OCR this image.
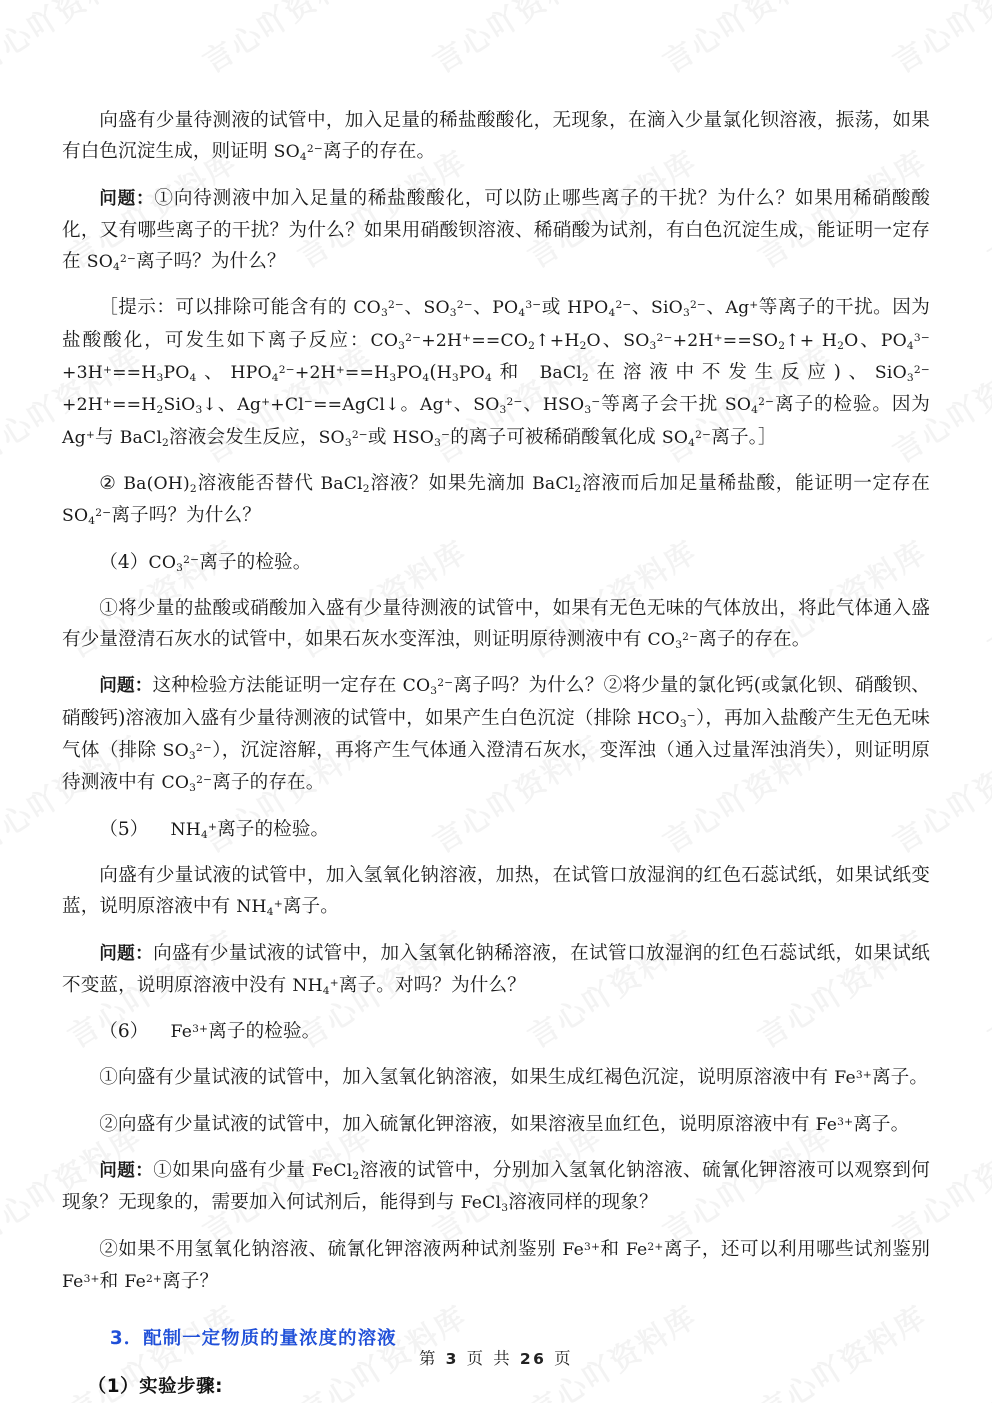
向盛有少量待测液的试管中，加入足量的稀盐酸酸化，无现象，在滴入少量氯化钡溶液，振荡，如果有白色沉淀生成，则证明 $SO_4^{2-}$离子的存在。

问题：①向待测液中加入足量的稀盐酸酸化，可以防止哪些离子的干扰？为什么？如果用稀硝酸酸化，又有哪些离子的干扰？为什么？如果用硝酸钡溶液、稀硝酸为试剂，有白色沉淀生成，能证明一定存在 $SO_4^{2-}$离子吗？为什么？

［提示：可以排除可能含有的 $CO_3^{2-}$、$SO_3^{2-}$、$PO_4^{3-}$或 $HPO_4^{2-}$、SiO$_3^{2-}$、Ag+等离子的干扰。因为盐酸酸化，可发生如下离子反应：$CO_3^{2-}+2H^+==CO_2↑+H_2O$、$SO_3^{2-}+2H^+==SO_2↑+ H_2O$、$PO_4^{3-}+3H^+==H_3PO_4$、$HPO_4^{2-}+2H^+==H_3PO_4(H_3PO_4$和 BaCl$_2$在溶液中不发生反应)、$SiO_3^{2-}+2H^+==H_2SiO_3↓$、Ag++Cl−==AgCl↓。Ag+、$SO_3^{2-}$、$HSO_3^-$等离子会干扰 $SO_4^{2-}$离子的检验。因为 Ag+与 BaCl$_2$溶液会发生反应，$SO_3^{2-}$或 $HSO_3^-$的离子可被稀硝酸氧化成 $SO_4^{2-}$离子。］

② $Ba(OH)_2$溶液能否替代 BaCl$_2$溶液？如果先滴加 BaCl$_2$溶液而后加足量稀盐酸，能证明一定存在 $SO_4^{2-}$离子吗？为什么？

$(4)CO_3^{2-}$离子的检验。

①将少量的盐酸或硝酸加入盛有少量待测液的试管中，如果有无色无味的气体放出，将此气体通入盛有少量澄清石灰水的试管中，如果石灰水变浑浊，则证明原待测液中有 $CO_3^{2-}$离子的存在。

问题：这种检验方法能证明一定存在 $CO_3^{2-}$离子吗？为什么？②将少量的氯化钙(或氯化钡、硝酸钡、硝酸钙)溶液加入盛有少量待测液的试管中，如果产生白色沉淀（排除 $HCO_3^-$），再加入盐酸产生无色无味气体（排除 $SO_3^{2-}$），沉淀溶解，再将产生气体通入澄清石灰水，变浑浊（通入过量浑浊消失），则证明原待测液中有 $CO_3^{2-}$离子的存在。

（5） $NH_4^+$离子的检验。

向盛有少量试液的试管中，加入氢氧化钠溶液，加热，在试管口放湿润的红色石蕊试纸，如果试纸变蓝，说明原溶液中有 $NH_4^+$离子。

问题：向盛有少量试液的试管中，加入氢氧化钠稀溶液，在试管口放湿润的红色石蕊试纸，如果试纸不变蓝，说明原溶液中没有 $NH_4^+$离子。对吗？为什么？

（6） $Fe^{3+}$离子的检验。

①向盛有少量试液的试管中，加入氢氧化钠溶液，如果生成红褐色沉淀，说明原溶液中有 $Fe^{3+}$离子。

②向盛有少量试液的试管中，加入硫氰化钾溶液，如果溶液呈血红色，说明原溶液中有 $Fe^{3+}$离子。

问题：①如果向盛有少量 FeCl$_2$溶液的试管中，分别加入氢氧化钠溶液、硫氰化钾溶液可以观察到何现象？无现象的，需要加入何试剂后，能得到与 FeCl$_3$溶液同样的现象？

②如果不用氢氧化钠溶液、硫氰化钾溶液两种试剂鉴别 $Fe^{3+}$和 $Fe^{2+}$离子，还可以利用哪些试剂鉴别 $Fe^{3+}$和 $Fe^{2+}$离子？

3．配制一定物质的量浓度的溶液

（1）实验步骤:

第 3 页 共 26 页
